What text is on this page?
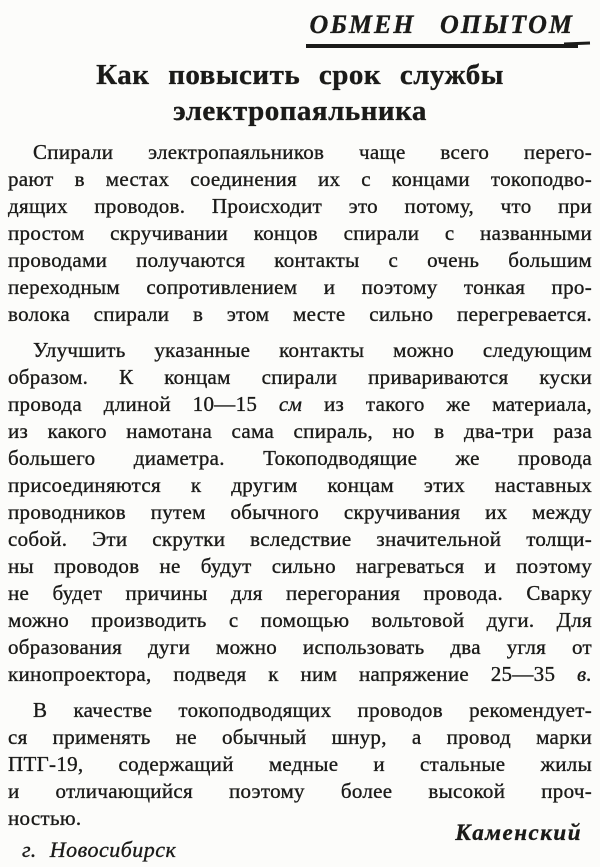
ОБМЕН ОПЫТОМ
Как повысить срок службы
электропаяльника
Спирали электропаяльников чаще всего перего-
рают в местах соединения их с концами токоподво-
дящих проводов. Происходит это потому, что при
простом скручивании концов спирали с названными
проводами получаются контакты с очень большим
переходным сопротивлением и поэтому тонкая про-
волока спирали в этом месте сильно перегревается.
Улучшить указанные контакты можно следующим
образом. К концам спирали привариваются куски
провода длиной 10—15 см из такого же материала,
из какого намотана сама спираль, но в два-три раза
большего диаметра. Токоподводящие же провода
присоединяются к другим концам этих наставных
проводников путем обычного скручивания их между
собой. Эти скрутки вследствие значительной толщи-
ны проводов не будут сильно нагреваться и поэтому
не будет причины для перегорания провода. Сварку
можно производить с помощью вольтовой дуги. Для
образования дуги можно использовать два угля от
кинопроектора, подведя к ним напряжение 25—35 в.
В качестве токоподводящих проводов рекомендует-
ся применять не обычный шнур, а провод марки
ПТГ-19, содержащий медные и стальные жилы
и отличающийся поэтому более высокой проч-
ностью.
Каменский
г. Новосибирск
